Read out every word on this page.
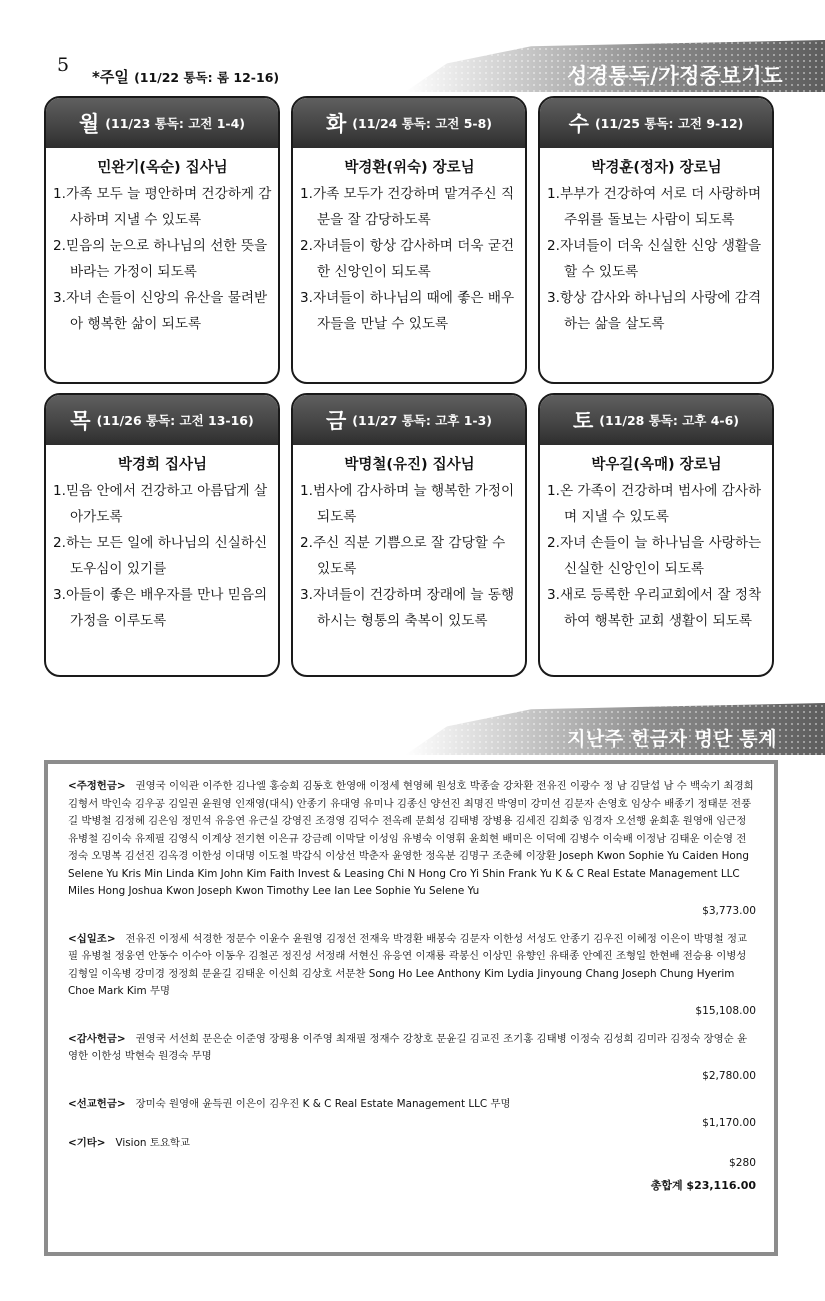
성경통독/가정중보기도
5
*주일 (11/22 통독: 롬 12-16)
월 (11/23 통독: 고전 1-4)
민완기(옥순) 집사님

1.가족 모두 늘 평안하며 건강하게 감사하며 지낼 수 있도록

2.믿음의 눈으로 하나님의 선한 뜻을 바라는 가정이 되도록

3.자녀 손들이 신앙의 유산을 물려받아 행복한 삶이 되도록

화 (11/24 통독: 고전 5-8)
박경환(위숙) 장로님

1.가족 모두가 건강하며 맡겨주신 직분을 잘 감당하도록

2.자녀들이 항상 감사하며 더욱 굳건한 신앙인이 되도록

3.자녀들이 하나님의 때에 좋은 배우자들을 만날 수 있도록

수 (11/25 통독: 고전 9-12)
박경훈(정자) 장로님

1.부부가 건강하여 서로 더 사랑하며 주위를 돌보는 사람이 되도록

2.자녀들이 더욱 신실한 신앙 생활을 할 수 있도록

3.항상 감사와 하나님의 사랑에 감격하는 삶을 살도록

목 (11/26 통독: 고전 13-16)
박경희 집사님

1.믿음 안에서 건강하고 아름답게 살아가도록

2.하는 모든 일에 하나님의 신실하신 도우심이 있기를

3.아들이 좋은 배우자를 만나 믿음의 가정을 이루도록

금 (11/27 통독: 고후 1-3)
박명철(유진) 집사님

1.범사에 감사하며 늘 행복한 가정이 되도록

2.주신 직분 기쁨으로 잘 감당할 수 있도록

3.자녀들이 건강하며 장래에 늘 동행하시는 형통의 축복이 있도록

토 (11/28 통독: 고후 4-6)
박우길(옥매) 장로님

1.온 가족이 건강하며 범사에 감사하며 지낼 수 있도록

2.자녀 손들이 늘 하나님을 사랑하는 신실한 신앙인이 되도록

3.새로 등록한 우리교회에서 잘 정착하여 행복한 교회 생활이 되도록

지난주 헌금자 명단 통계

<주정헌금> 권영국 이익관 이주한 김나엘 홍승희 김동호 한영애 이정세 현영혜 원성호 박종술 강차환 전유진 이광수 정 남 김달섭 남 수 백숙기 최경희 김형서 박인숙 김우공 김일권 윤원영 인재영(대식) 안종기 유대영 유미나 김종신 양선진 최명진 박영미 강미선 김문자 손영호 임상수 배종기 정태문 전풍길 박병철 김정혜 김은임 정민석 유응연 유근실 강영진 조경영 김덕수 전옥례 문희성 김태병 장병용 김세진 김희중 임경자 오선행 윤희훈 원영애 임근정 유병철 김이숙 유제필 김영식 이계상 전기현 이은규 강금례 이막달 이성임 유병숙 이영휘 윤희현 배미은 이덕예 김병수 이숙배 이정남 김태운 이순영 전정숙 오명복 김선진 김옥경 이한성 이대명 이도철 박갑식 이상선 박춘자 윤영한 정옥분 김명구 조춘혜 이장환 Joseph Kwon Sophie Yu Caiden Hong Selene Yu Kris Min Linda Kim John Kim Faith Invest & Leasing Chi N Hong Cro Yi Shin Frank Yu K & C Real Estate Management LLC Miles Hong Joshua Kwon Joseph Kwon Timothy Lee Ian Lee Sophie Yu Selene Yu

$3,773.00

<십일조> 전유진 이정세 석경한 정문수 이윤수 윤원영 김정선 전재욱 박경환 배봉숙 김문자 이한성 서성도 안종기 김우진 이혜정 이은이 박명철 정교필 유병철 정웅연 안동수 이수아 이동우 김철곤 정진성 서정래 서현신 유응연 이재룡 곽봉신 이상민 유향인 유태종 안예진 조형일 한현배 전승용 이병성 김형일 이옥병 강미경 정정희 문윤길 김태운 이신희 김상호 서문찬 Song Ho Lee Anthony Kim Lydia Jinyoung Chang Joseph Chung Hyerim Choe Mark Kim 무명

$15,108.00

<감사헌금> 권영국 서선희 문은순 이준영 장평용 이주영 최재필 정재수 강창호 문윤길 김교진 조기홍 김태병 이정숙 김성희 김미라 김정숙 장영순 윤영한 이한성 박현숙 원경숙 무명

$2,780.00

<선교헌금> 장미숙 원영애 윤득권 이은이 김우진 K & C Real Estate Management LLC 무명

$1,170.00

<기타> Vision 토요학교

$280
총합계 $23,116.00
